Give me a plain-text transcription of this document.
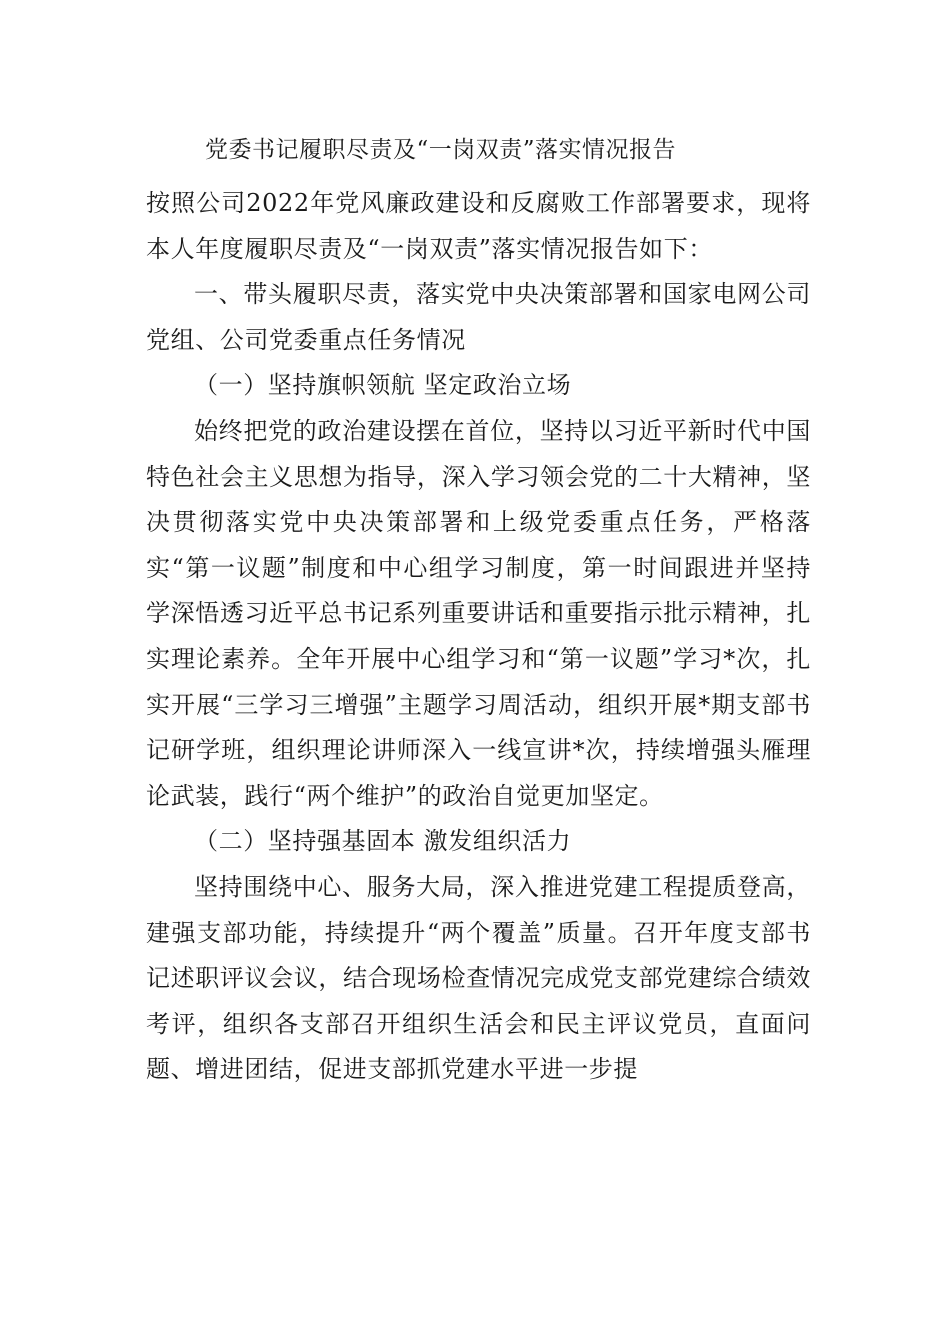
党委书记履职尽责及“一岗双责”落实情况报告

按照公司2022年党风廉政建设和反腐败工作部署要求，现将本人年度履职尽责及“一岗双责”落实情况报告如下：

一、带头履职尽责，落实党中央决策部署和国家电网公司党组、公司党委重点任务情况

（一）坚持旗帜领航 坚定政治立场

始终把党的政治建设摆在首位，坚持以习近平新时代中国特色社会主义思想为指导，深入学习领会党的二十大精神，坚决贯彻落实党中央决策部署和上级党委重点任务，严格落实“第一议题”制度和中心组学习制度，第一时间跟进并坚持学深悟透习近平总书记系列重要讲话和重要指示批示精神，扎实理论素养。全年开展中心组学习和“第一议题”学习*次，扎实开展“三学习三增强”主题学习周活动，组织开展*期支部书记研学班，组织理论讲师深入一线宣讲*次，持续增强头雁理论武装，践行“两个维护”的政治自觉更加坚定。

（二）坚持强基固本 激发组织活力

坚持围绕中心、服务大局，深入推进党建工程提质登高，建强支部功能，持续提升“两个覆盖”质量。召开年度支部书记述职评议会议，结合现场检查情况完成党支部党建综合绩效考评，组织各支部召开组织生活会和民主评议党员，直面问题、增进团结，促进支部抓党建水平进一步提
